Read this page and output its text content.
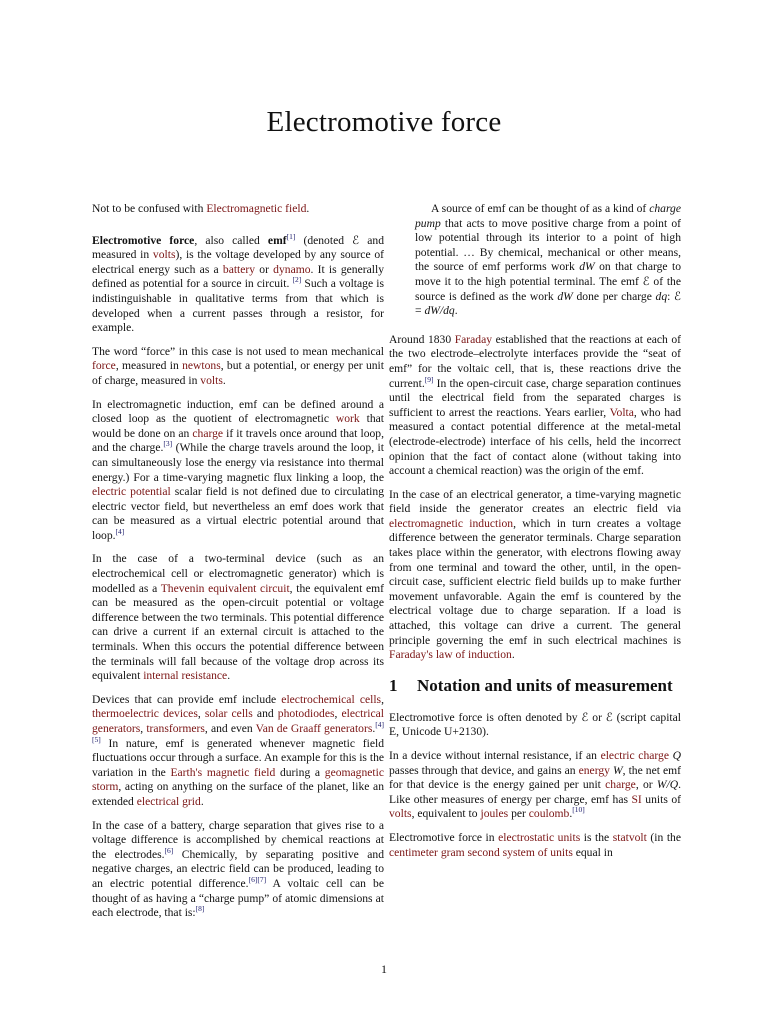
Electromotive force

Not to be confused with Electromagnetic field.

Electromotive force, also called emf[1] (denoted ℰ and measured in volts), is the voltage developed by any source of electrical energy such as a battery or dynamo. It is generally defined as potential for a source in circuit. [2] Such a voltage is indistinguishable in qualitative terms from that which is developed when a current passes through a resistor, for example.

The word “force” in this case is not used to mean mechanical force, measured in newtons, but a potential, or energy per unit of charge, measured in volts.

In electromagnetic induction, emf can be defined around a closed loop as the quotient of electromagnetic work that would be done on an charge if it travels once around that loop, and the charge.[3] (While the charge travels around the loop, it can simultaneously lose the energy via resistance into thermal energy.) For a time-varying magnetic flux linking a loop, the electric potential scalar field is not defined due to circulating electric vector field, but nevertheless an emf does work that can be measured as a virtual electric potential around that loop.[4]

In the case of a two-terminal device (such as an electrochemical cell or electromagnetic generator) which is modelled as a Thevenin equivalent circuit, the equivalent emf can be measured as the open-circuit potential or voltage difference between the two terminals. This potential difference can drive a current if an external circuit is attached to the terminals. When this occurs the potential difference between the terminals will fall because of the voltage drop across its equivalent internal resistance.

Devices that can provide emf include electrochemical cells, thermoelectric devices, solar cells and photodiodes, electrical generators, transformers, and even Van de Graaff generators.[4][5] In nature, emf is generated whenever magnetic field fluctuations occur through a surface. An example for this is the variation in the Earth's magnetic field during a geomagnetic storm, acting on anything on the surface of the planet, like an extended electrical grid.

In the case of a battery, charge separation that gives rise to a voltage difference is accomplished by chemical reactions at the electrodes.[6] Chemically, by separating positive and negative charges, an electric field can be produced, leading to an electric potential difference.[6][7] A voltaic cell can be thought of as having a “charge pump” of atomic dimensions at each electrode, that is:[8]

A source of emf can be thought of as a kind of charge pump that acts to move positive charge from a point of low potential through its interior to a point of high potential. … By chemical, mechanical or other means, the source of emf performs work dW on that charge to move it to the high potential terminal. The emf ℰ of the source is defined as the work dW done per charge dq: ℰ = dW/dq.

Around 1830 Faraday established that the reactions at each of the two electrode–electrolyte interfaces provide the “seat of emf” for the voltaic cell, that is, these reactions drive the current.[9] In the open-circuit case, charge separation continues until the electrical field from the separated charges is sufficient to arrest the reactions. Years earlier, Volta, who had measured a contact potential difference at the metal-metal (electrode-electrode) interface of his cells, held the incorrect opinion that the fact of contact alone (without taking into account a chemical reaction) was the origin of the emf.

In the case of an electrical generator, a time-varying magnetic field inside the generator creates an electric field via electromagnetic induction, which in turn creates a voltage difference between the generator terminals. Charge separation takes place within the generator, with electrons flowing away from one terminal and toward the other, until, in the open-circuit case, sufficient electric field builds up to make further movement unfavorable. Again the emf is countered by the electrical voltage due to charge separation. If a load is attached, this voltage can drive a current. The general principle governing the emf in such electrical machines is Faraday's law of induction.

1	Notation and units of measurement

Electromotive force is often denoted by ℰ or ℰ (script capital E, Unicode U+2130).

In a device without internal resistance, if an electric charge Q passes through that device, and gains an energy W, the net emf for that device is the energy gained per unit charge, or W/Q. Like other measures of energy per charge, emf has SI units of volts, equivalent to joules per coulomb.[10]

Electromotive force in electrostatic units is the statvolt (in the centimeter gram second system of units equal in

1
